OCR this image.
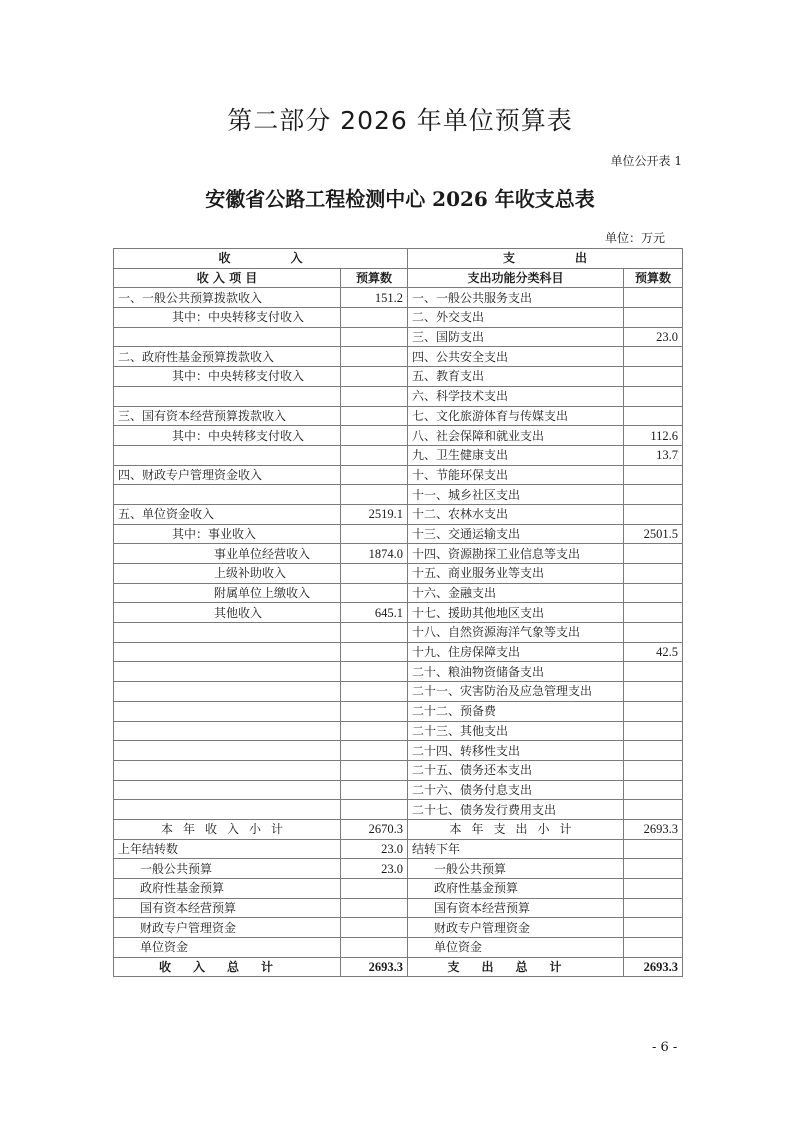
第二部分 2026 年单位预算表
单位公开表 1
安徽省公路工程检测中心 2026 年收支总表
单位：万元
收　　　　　入		支　　　　　出	
收 入 项 目	预算数	支出功能分类科目	预算数
一、一般公共预算拨款收入	151.2	一、一般公共服务支出	
其中：中央转移支付收入		二、外交支出	
		三、国防支出	23.0
二、政府性基金预算拨款收入		四、公共安全支出	
其中：中央转移支付收入		五、教育支出	
		六、科学技术支出	
三、国有资本经营预算拨款收入		七、文化旅游体育与传媒支出	
其中：中央转移支付收入		八、社会保障和就业支出	112.6
		九、卫生健康支出	13.7
四、财政专户管理资金收入		十、节能环保支出	
		十一、城乡社区支出	
五、单位资金收入	2519.1	十二、农林水支出	
其中：事业收入		十三、交通运输支出	2501.5
事业单位经营收入	1874.0	十四、资源勘探工业信息等支出	
上级补助收入		十五、商业服务业等支出	
附属单位上缴收入		十六、金融支出	
其他收入	645.1	十七、援助其他地区支出	
		十八、自然资源海洋气象等支出	
		十九、住房保障支出	42.5
		二十、粮油物资储备支出	
		二十一、灾害防治及应急管理支出	
		二十二、预备费	
		二十三、其他支出	
		二十四、转移性支出	
		二十五、债务还本支出	
		二十六、债务付息支出	
		二十七、债务发行费用支出	
本年收入小计	2670.3	本年支出小计	2693.3
上年结转数	23.0	结转下年	
一般公共预算	23.0	一般公共预算	
政府性基金预算		政府性基金预算	
国有资本经营预算		国有资本经营预算	
财政专户管理资金		财政专户管理资金	
单位资金		单位资金	
收入总计	2693.3	支出总计	2693.3
- 6 -
